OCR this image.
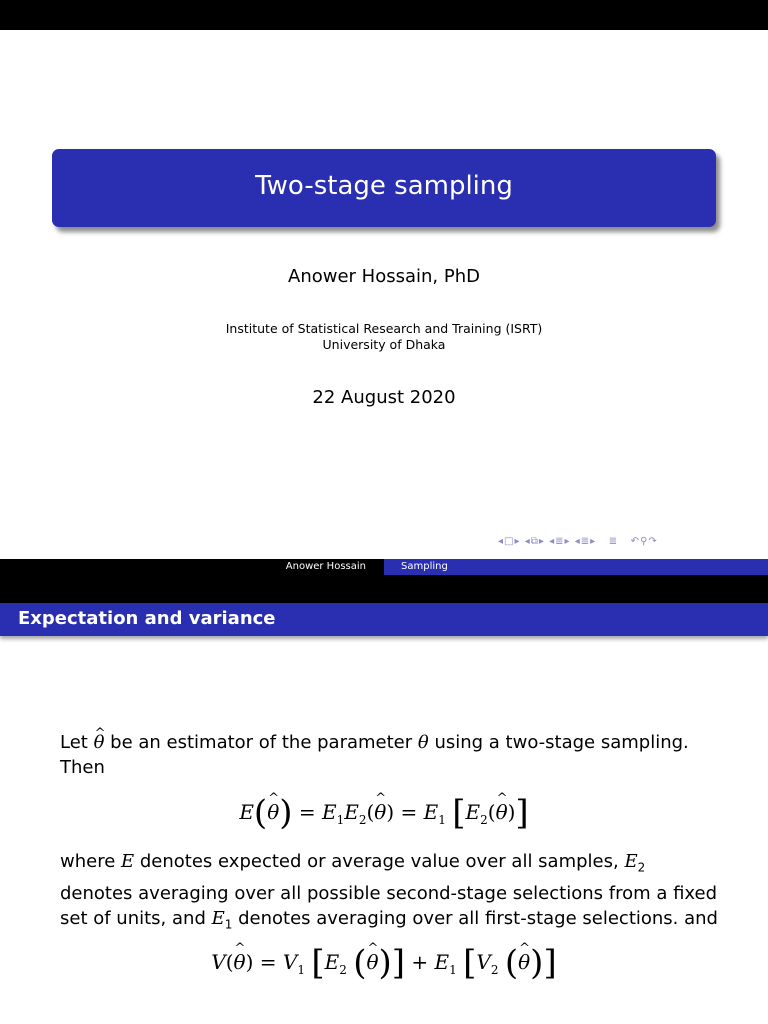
Two-stage sampling
Anower Hossain, PhD
Institute of Statistical Research and Training (ISRT)
University of Dhaka
22 August 2020
◂□▸ ◂⧉▸ ◂≣▸ ◂≣▸ ≣ ↶⚲↷
Anower Hossain	Sampling
Expectation and variance
Let ^ θ be an estimator of the parameter θ using a two-stage sampling.
Then
E(^ $\theta) = E_1E_2(\^{}$ $\theta) = E_1$ [$E_2(\^{}$ θ)]
where E denotes expected or average value over all samples, $E_2$ denotes averaging over all possible second-stage selections from a fixed set of units, and $E_1$ denotes averaging over all first-stage selections. and
V(^ $\theta) = V_1$ [$E_2$ (^ $\theta)] + E_1$ [$V_2$ (^ θ)]
